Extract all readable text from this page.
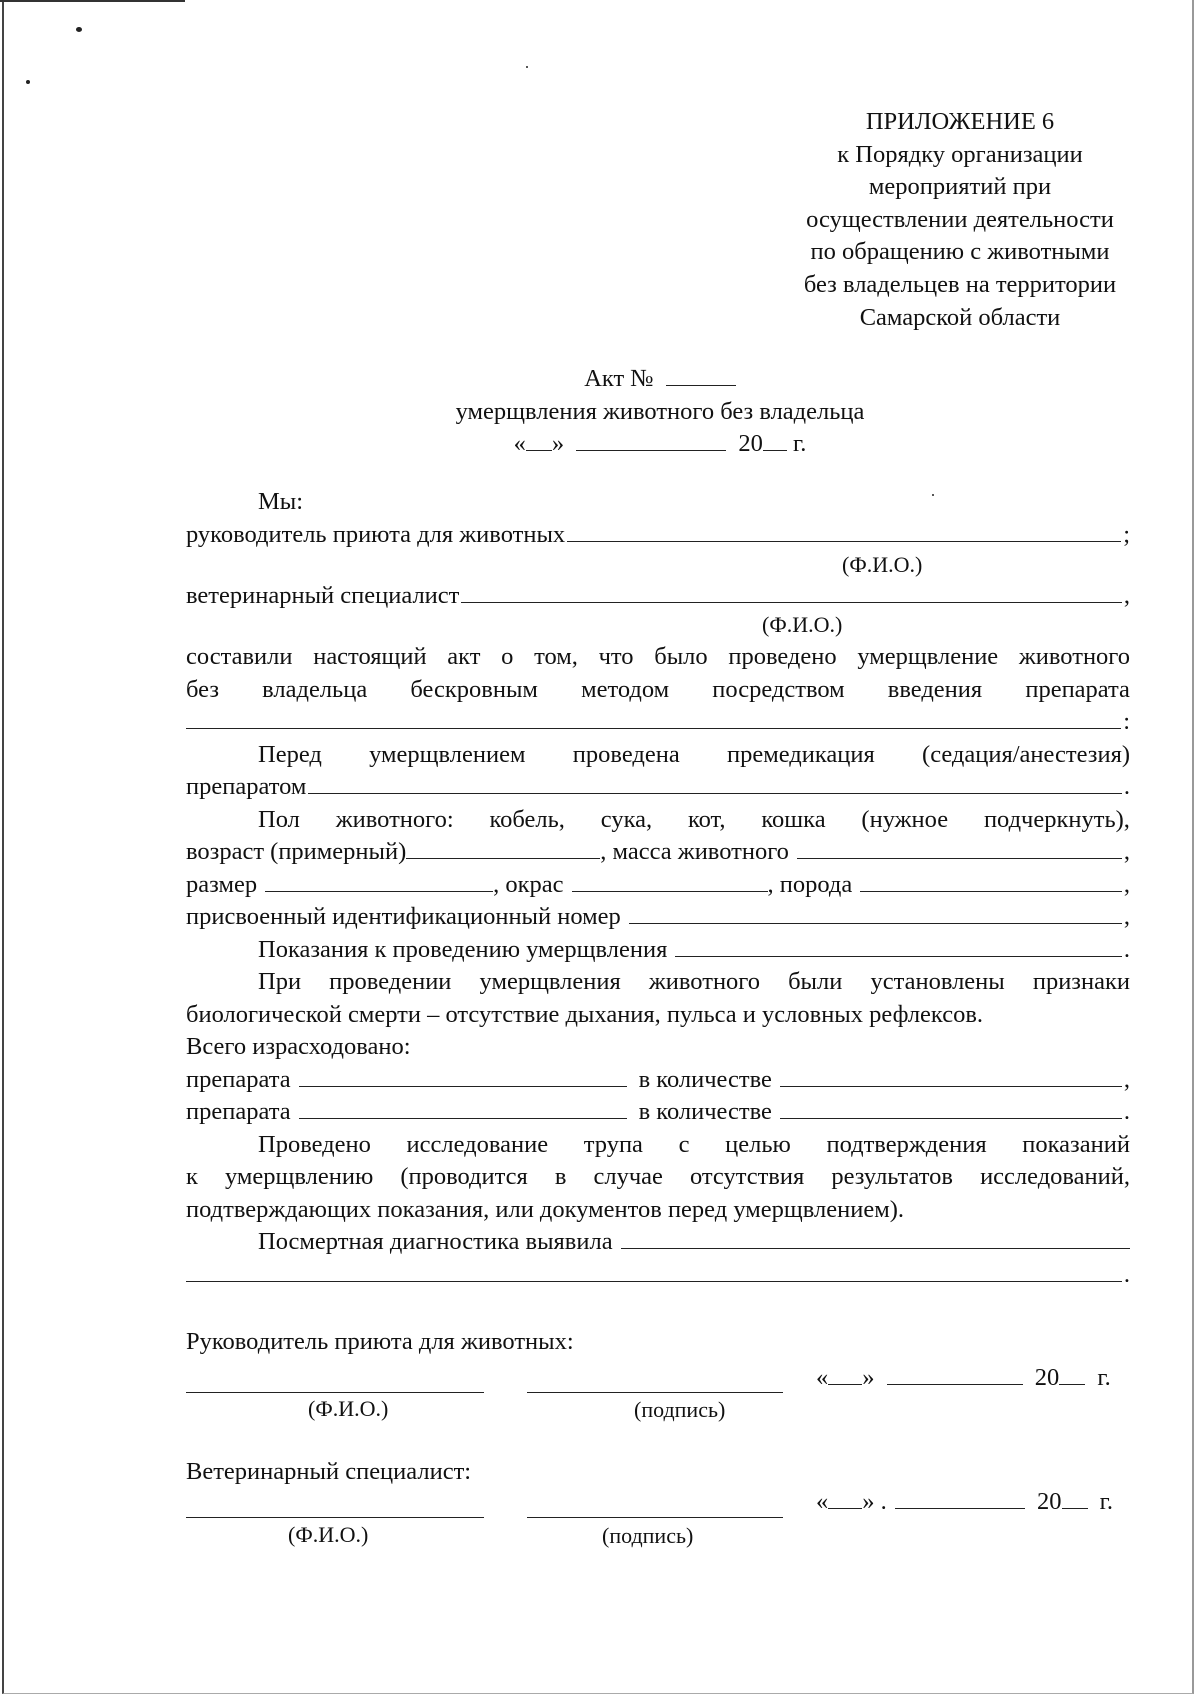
ПРИЛОЖЕНИЕ 6
к Порядку организации
мероприятий при
осуществлении деятельности
по обращению с животными
без владельцев на территории
Самарской области
Акт №
умерщвления животного без владельца
« »	20 г.
Мы:
руководитель приюта для животных	;
(Ф.И.О.)
ветеринарный специалист	,
(Ф.И.О.)
составили настоящий акт о том, что было проведено умерщвление животного
без владельца бескровным методом посредством введения препарата
:
Перед умерщвлением проведена премедикация (седация/анестезия)
препаратом	.
Пол животного: кобель, сука, кот, кошка (нужное подчеркнуть),
возраст (примерный)	, масса животного	,
размер	, окрас	, порода	,
присвоенный идентификационный номер	,
Показания к проведению умерщвления	.
При проведении умерщвления животного были установлены признаки
биологической смерти – отсутствие дыхания, пульса и условных рефлексов.
Всего израсходовано:
препарата	в количестве	,
препарата	в количестве	.
Проведено исследование трупа с целью подтверждения показаний
к умерщвлению (проводится в случае отсутствия результатов исследований,
подтверждающих показания, или документов перед умерщвлением).
Посмертная диагностика выявила
.
Руководитель приюта для животных:
« »	20 г.
(Ф.И.О.)	(подпись)
Ветеринарный специалист:
« » .	20 г.
(Ф.И.О.)	(подпись)
